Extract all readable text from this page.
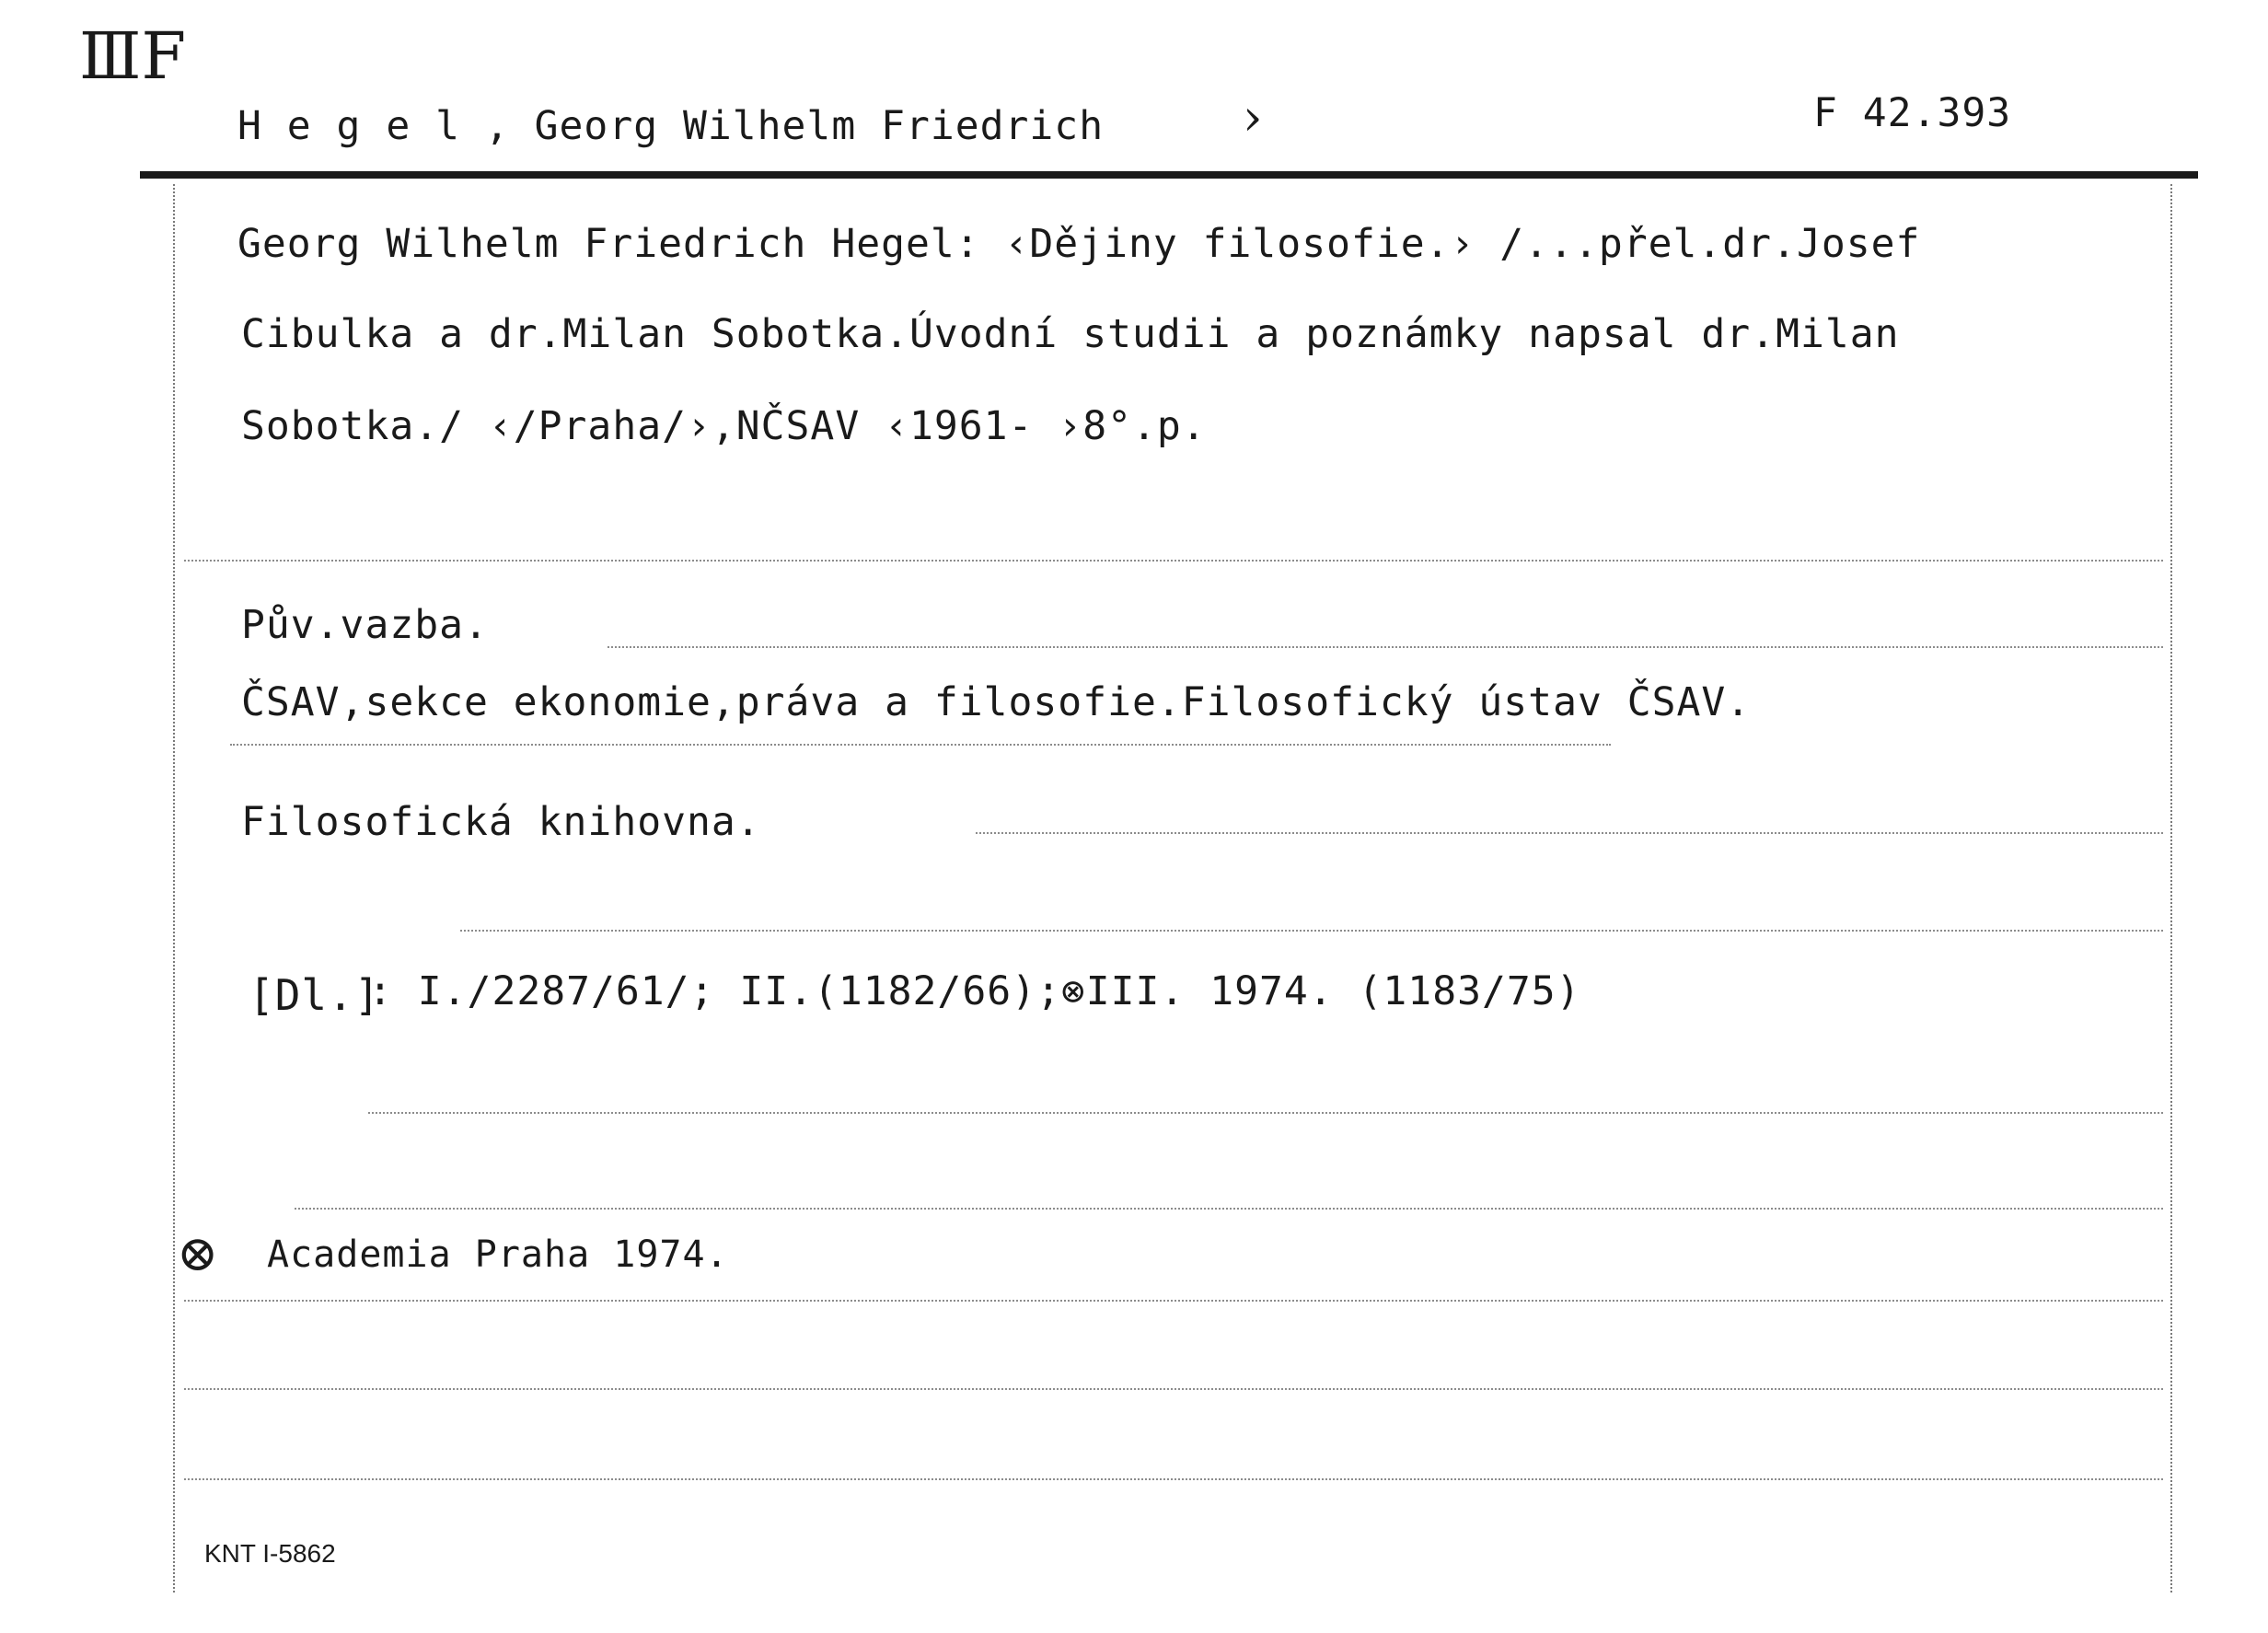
ⅢF
H e g e l , Georg Wilhelm Friedrich	›	F 42.393
Georg Wilhelm Friedrich Hegel: ‹Dějiny filosofie.› /...přel.dr.Josef
Cibulka a dr.Milan Sobotka.Úvodní studii a poznámky napsal dr.Milan
Sobotka./ ‹/Praha/›,NČSAV ‹1961- ›8°.p.
Pův.vazba.
ČSAV,sekce ekonomie,práva a filosofie.Filosofický ústav ČSAV.
Filosofická knihovna.
[Dl.]
: I./2287/61/; II.(1182/66);⊗III. 1974. (1183/75)
⊗ Academia Praha 1974.
KNT I-5862
